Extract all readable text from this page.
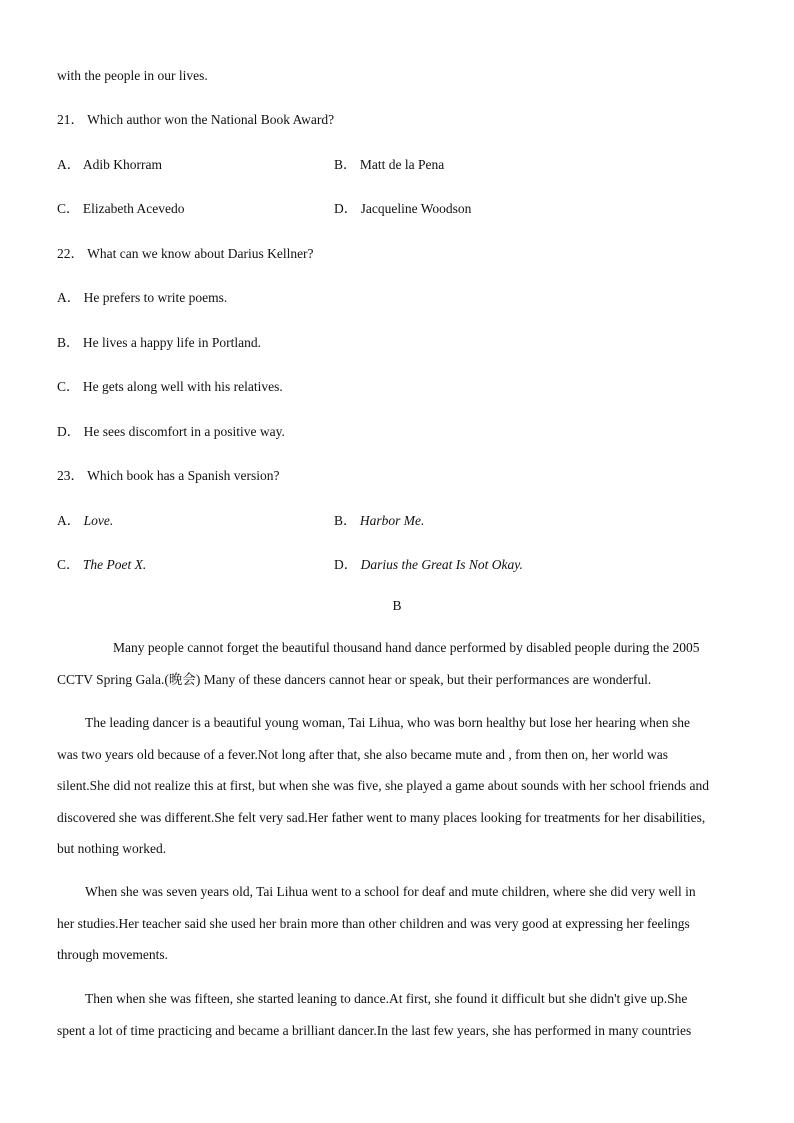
with the people in our lives.
21． Which author won the National Book Award?
A． Adib Khorram	B． Matt de la Pena
C． Elizabeth Acevedo	D． Jacqueline Woodson
22． What can we know about Darius Kellner?
A． He prefers to write poems.
B． He lives a happy life in Portland.
C． He gets along well with his relatives.
D． He sees discomfort in a positive way.
23． Which book has a Spanish version?
A． Love.	B． Harbor Me.
C． The Poet X.	D． Darius the Great Is Not Okay.
B
Many people cannot forget the beautiful thousand hand dance performed by disabled people during the 2005
CCTV Spring Gala.(晚会) Many of these dancers cannot hear or speak, but their performances are wonderful.
The leading dancer is a beautiful young woman, Tai Lihua, who was born healthy but lose her hearing when she
was two years old because of a fever.Not long after that, she also became mute and , from then on, her world was
silent.She did not realize this at first, but when she was five, she played a game about sounds with her school friends and
discovered she was different.She felt very sad.Her father went to many places looking for treatments for her disabilities,
but nothing worked.
When she was seven years old, Tai Lihua went to a school for deaf and mute children, where she did very well in
her studies.Her teacher said she used her brain more than other children and was very good at expressing her feelings
through movements.
Then when she was fifteen, she started leaning to dance.At first, she found it difficult but she didn't give up.She
spent a lot of time practicing and became a brilliant dancer.In the last few years, she has performed in many countries
